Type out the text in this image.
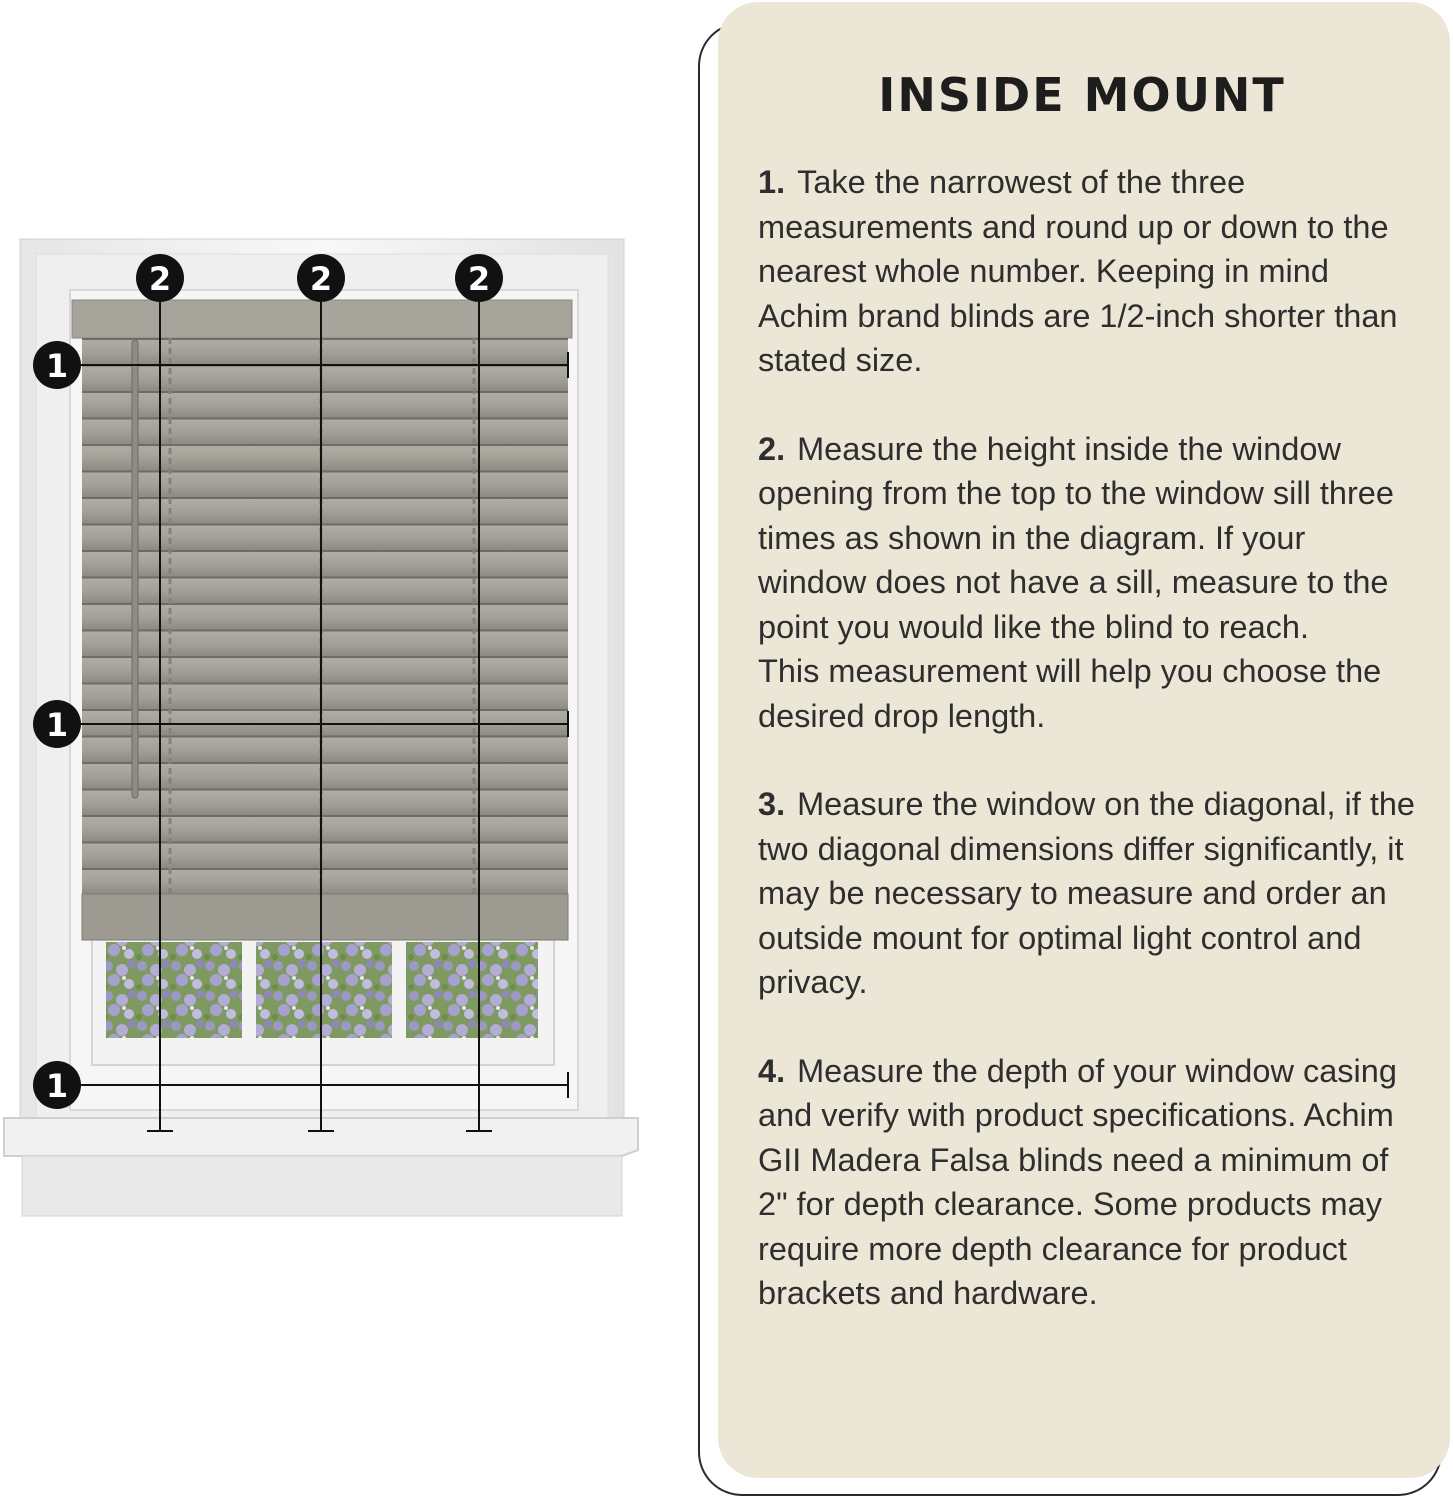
2	2	2
1
1
1
INSIDE MOUNT

1. Take the narrowest of the three measurements and round up or down to the nearest whole number. Keeping in mind Achim brand blinds are 1/2-inch shorter than stated size.

2. Measure the height inside the window opening from the top to the window sill three times as shown in the diagram. If your window does not have a sill, measure to the point you would like the blind to reach.
This measurement will help you choose the desired drop length.

3. Measure the window on the diagonal, if the two diagonal dimensions differ significantly, it may be necessary to measure and order an outside mount for optimal light control and privacy.

4. Measure the depth of your window casing and verify with product specifications. Achim GII Madera Falsa blinds need a minimum of 2" for depth clearance. Some products may require more depth clearance for product brackets and hardware.
